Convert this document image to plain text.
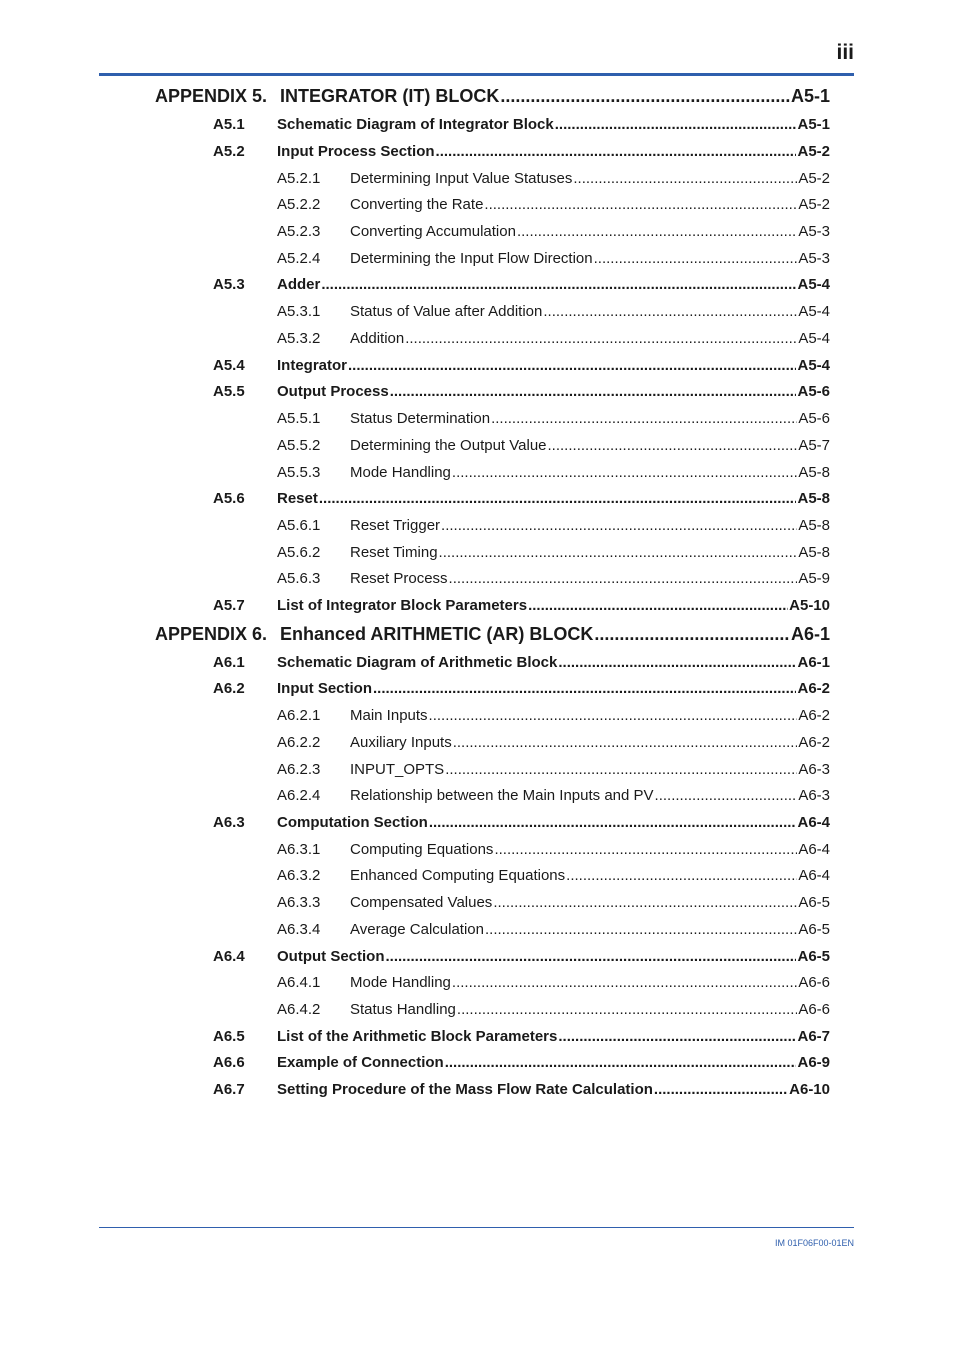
iii
APPENDIX 5. INTEGRATOR (IT) BLOCK .....	A5-1
A5.1	Schematic Diagram of Integrator Block .....	A5-1
A5.2	Input Process Section .....	A5-2
A5.2.1	Determining Input Value Statuses .....	A5-2
A5.2.2	Converting the Rate .....	A5-2
A5.2.3	Converting Accumulation .....	A5-3
A5.2.4	Determining the Input Flow Direction .....	A5-3
A5.3	Adder .....	A5-4
A5.3.1	Status of Value after Addition .....	A5-4
A5.3.2	Addition .....	A5-4
A5.4	Integrator .....	A5-4
A5.5	Output Process .....	A5-6
A5.5.1	Status Determination .....	A5-6
A5.5.2	Determining the Output Value .....	A5-7
A5.5.3	Mode Handling .....	A5-8
A5.6	Reset .....	A5-8
A5.6.1	Reset Trigger .....	A5-8
A5.6.2	Reset Timing .....	A5-8
A5.6.3	Reset Process .....	A5-9
A5.7	List of Integrator Block Parameters .....	A5-10
APPENDIX 6. Enhanced ARITHMETIC (AR) BLOCK .....	A6-1
A6.1	Schematic Diagram of Arithmetic Block .....	A6-1
A6.2	Input Section .....	A6-2
A6.2.1	Main Inputs .....	A6-2
A6.2.2	Auxiliary Inputs .....	A6-2
A6.2.3	INPUT_OPTS .....	A6-3
A6.2.4	Relationship between the Main Inputs and PV .....	A6-3
A6.3	Computation Section .....	A6-4
A6.3.1	Computing Equations .....	A6-4
A6.3.2	Enhanced Computing Equations .....	A6-4
A6.3.3	Compensated Values .....	A6-5
A6.3.4	Average Calculation .....	A6-5
A6.4	Output Section .....	A6-5
A6.4.1	Mode Handling .....	A6-6
A6.4.2	Status Handling .....	A6-6
A6.5	List of the Arithmetic Block Parameters .....	A6-7
A6.6	Example of Connection .....	A6-9
A6.7	Setting Procedure of the Mass Flow Rate Calculation .....	A6-10
IM 01F06F00-01EN
